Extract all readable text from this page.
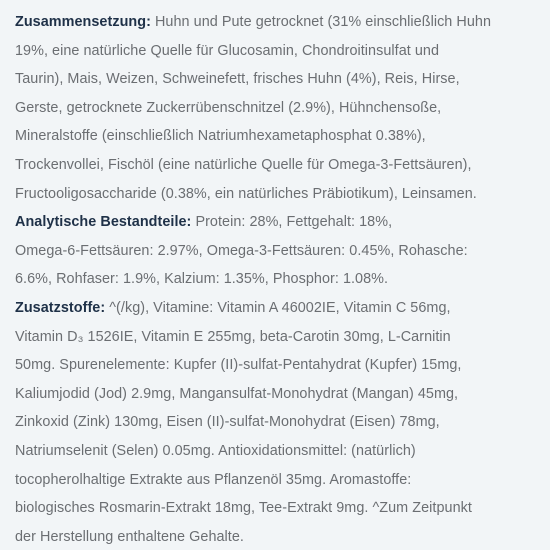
Zusammensetzung: Huhn und Pute getrocknet (31% einschließlich Huhn
19%, eine natürliche Quelle für Glucosamin, Chondroitinsulfat und
Taurin), Mais, Weizen, Schweinefett, frisches Huhn (4%), Reis, Hirse,
Gerste, getrocknete Zuckerrübenschnitzel (2.9%), Hühnchensoße,
Mineralstoffe (einschließlich Natriumhexametaphosphat 0.38%),
Trockenvollei, Fischöl (eine natürliche Quelle für Omega-3-Fettsäuren),
Fructooligosaccharide (0.38%, ein natürliches Präbiotikum), Leinsamen.
Analytische Bestandteile: Protein: 28%, Fettgehalt: 18%,
Omega-6-Fettsäuren: 2.97%, Omega-3-Fettsäuren: 0.45%, Rohasche:
6.6%, Rohfaser: 1.9%, Kalzium: 1.35%, Phosphor: 1.08%.
Zusatzstoffe: ^(/kg), Vitamine: Vitamin A 46002IE, Vitamin C 56mg,
Vitamin D₃ 1526IE, Vitamin E 255mg, beta-Carotin 30mg, L-Carnitin
50mg. Spurenelemente: Kupfer (II)-sulfat-Pentahydrat (Kupfer) 15mg,
Kaliumjodid (Jod) 2.9mg, Mangansulfat-Monohydrat (Mangan) 45mg,
Zinkoxid (Zink) 130mg, Eisen (II)-sulfat-Monohydrat (Eisen) 78mg,
Natriumselenit (Selen) 0.05mg. Antioxidationsmittel: (natürlich)
tocopherolhaltige Extrakte aus Pflanzenöl 35mg. Aromastoffe:
biologisches Rosmarin-Extrakt 18mg, Tee-Extrakt 9mg. ^Zum Zeitpunkt
der Herstellung enthaltene Gehalte.
